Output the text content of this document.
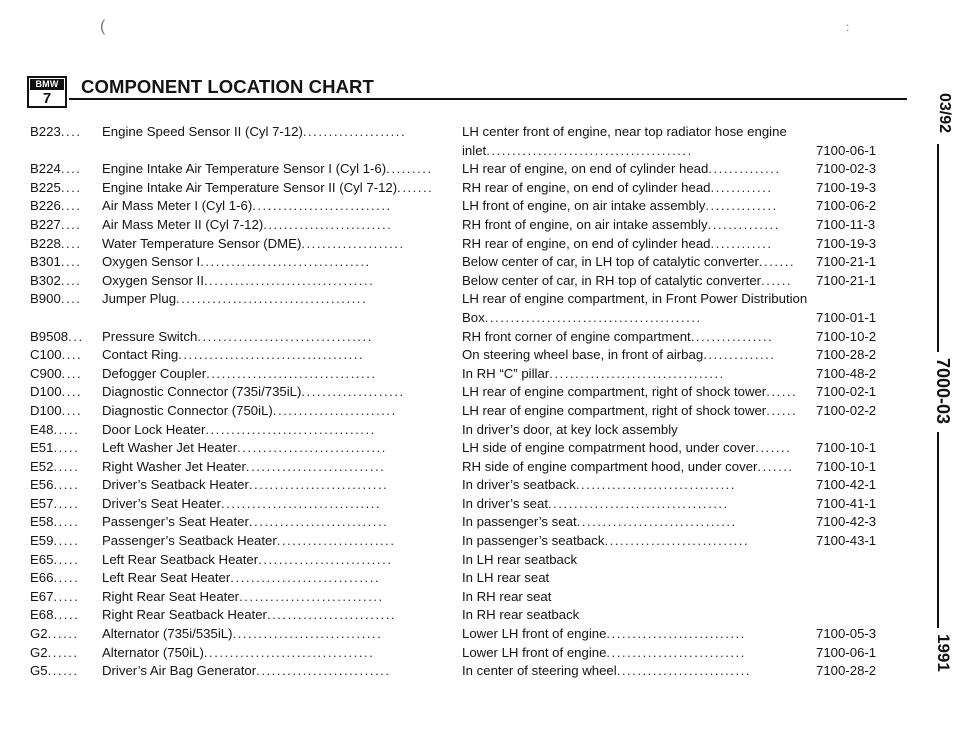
(	:
BMW
7
COMPONENT LOCATION CHART
B223....	Engine Speed Sensor II (Cyl 7-12)....................	LH center front of engine, near top radiator hose engine
inlet........................................	7100-06-1
B224....	Engine Intake Air Temperature Sensor I (Cyl 1-6).........	LH rear of engine, on end of cylinder head..............	7100-02-3
B225....	Engine Intake Air Temperature Sensor II (Cyl 7-12).......	RH rear of engine, on end of cylinder head............	7100-19-3
B226....	Air Mass Meter I (Cyl 1-6)...........................	LH front of engine, on air intake assembly..............	7100-06-2
B227....	Air Mass Meter II (Cyl 7-12).........................	RH front of engine, on air intake assembly..............	7100-11-3
B228....	Water Temperature Sensor (DME)....................	RH rear of engine, on end of cylinder head............	7100-19-3
B301....	Oxygen Sensor I.................................	Below center of car, in LH top of catalytic converter.......	7100-21-1
B302....	Oxygen Sensor II.................................	Below center of car, in RH top of catalytic converter......	7100-21-1
B900....	Jumper Plug.....................................	LH rear of engine compartment, in Front Power Distribution
Box..........................................	7100-01-1
B9508...	Pressure Switch..................................	RH front corner of engine compartment................	7100-10-2
C100....	Contact Ring....................................	On steering wheel base, in front of airbag..............	7100-28-2
C900....	Defogger Coupler.................................	In RH “C” pillar..................................	7100-48-2
D100....	Diagnostic Connector (735i/735iL)....................	LH rear of engine compartment, right of shock tower......	7100-02-1
D100....	Diagnostic Connector (750iL)........................	LH rear of engine compartment, right of shock tower......	7100-02-2
E48.....	Door Lock Heater.................................	In driver’s door, at key lock assembly
E51.....	Left Washer Jet Heater.............................	LH side of engine compatrment hood, under cover.......	7100-10-1
E52.....	Right Washer Jet Heater...........................	RH side of engine compartment hood, under cover.......	7100-10-1
E56.....	Driver’s Seatback Heater...........................	In driver’s seatback...............................	7100-42-1
E57.....	Driver’s Seat Heater...............................	In driver’s seat...................................	7100-41-1
E58.....	Passenger’s Seat Heater...........................	In passenger’s seat...............................	7100-42-3
E59.....	Passenger’s Seatback Heater.......................	In passenger’s seatback............................	7100-43-1
E65.....	Left Rear Seatback Heater..........................	In LH rear seatback
E66.....	Left Rear Seat Heater.............................	In LH rear seat
E67.....	Right Rear Seat Heater............................	In RH rear seat
E68.....	Right Rear Seatback Heater.........................	In RH rear seatback
G2......	Alternator (735i/535iL).............................	Lower LH front of engine...........................	7100-05-3
G2......	Alternator (750iL).................................	Lower LH front of engine...........................	7100-06-1
G5......	Driver’s Air Bag Generator..........................	In center of steering wheel..........................	7100-28-2
03/92
7000-03
1991
